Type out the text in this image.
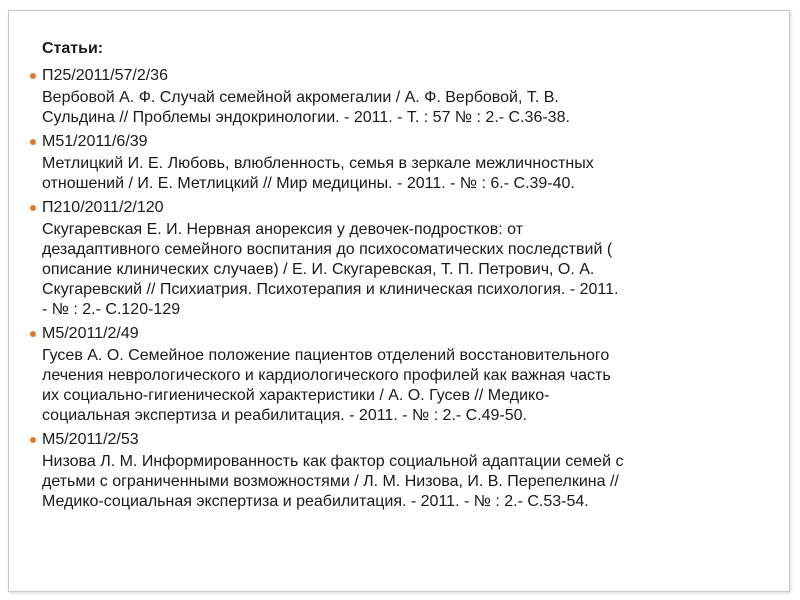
Статьи:
П25/2011/57/2/36
Вербовой А. Ф. Случай семейной акромегалии / А. Ф. Вербовой, Т. В.
Сульдина // Проблемы эндокринологии. - 2011. - Т. : 57 № : 2.- С.36-38.
М51/2011/6/39
Метлицкий И. Е. Любовь, влюбленность, семья в зеркале межличностных
отношений / И. Е. Метлицкий // Мир медицины. - 2011. - № : 6.- С.39-40.
П210/2011/2/120
Скугаревская Е. И. Нервная анорексия у девочек-подростков: от
дезадаптивного семейного воспитания до психосоматических последствий (
описание клинических случаев) / Е. И. Скугаревская, Т. П. Петрович, О. А.
Скугаревский // Психиатрия. Психотерапия и клиническая психология. - 2011.
- № : 2.- С.120-129
М5/2011/2/49
Гусев А. О. Семейное положение пациентов отделений восстановительного
лечения неврологического и кардиологического профилей как важная часть
их социально-гигиенической характеристики / А. О. Гусев // Медико-
социальная экспертиза и реабилитация. - 2011. - № : 2.- С.49-50.
М5/2011/2/53
Низова Л. М. Информированность как фактор социальной адаптации семей с
детьми с ограниченными возможностями / Л. М. Низова, И. В. Перепелкина //
Медико-социальная экспертиза и реабилитация. - 2011. - № : 2.- С.53-54.
